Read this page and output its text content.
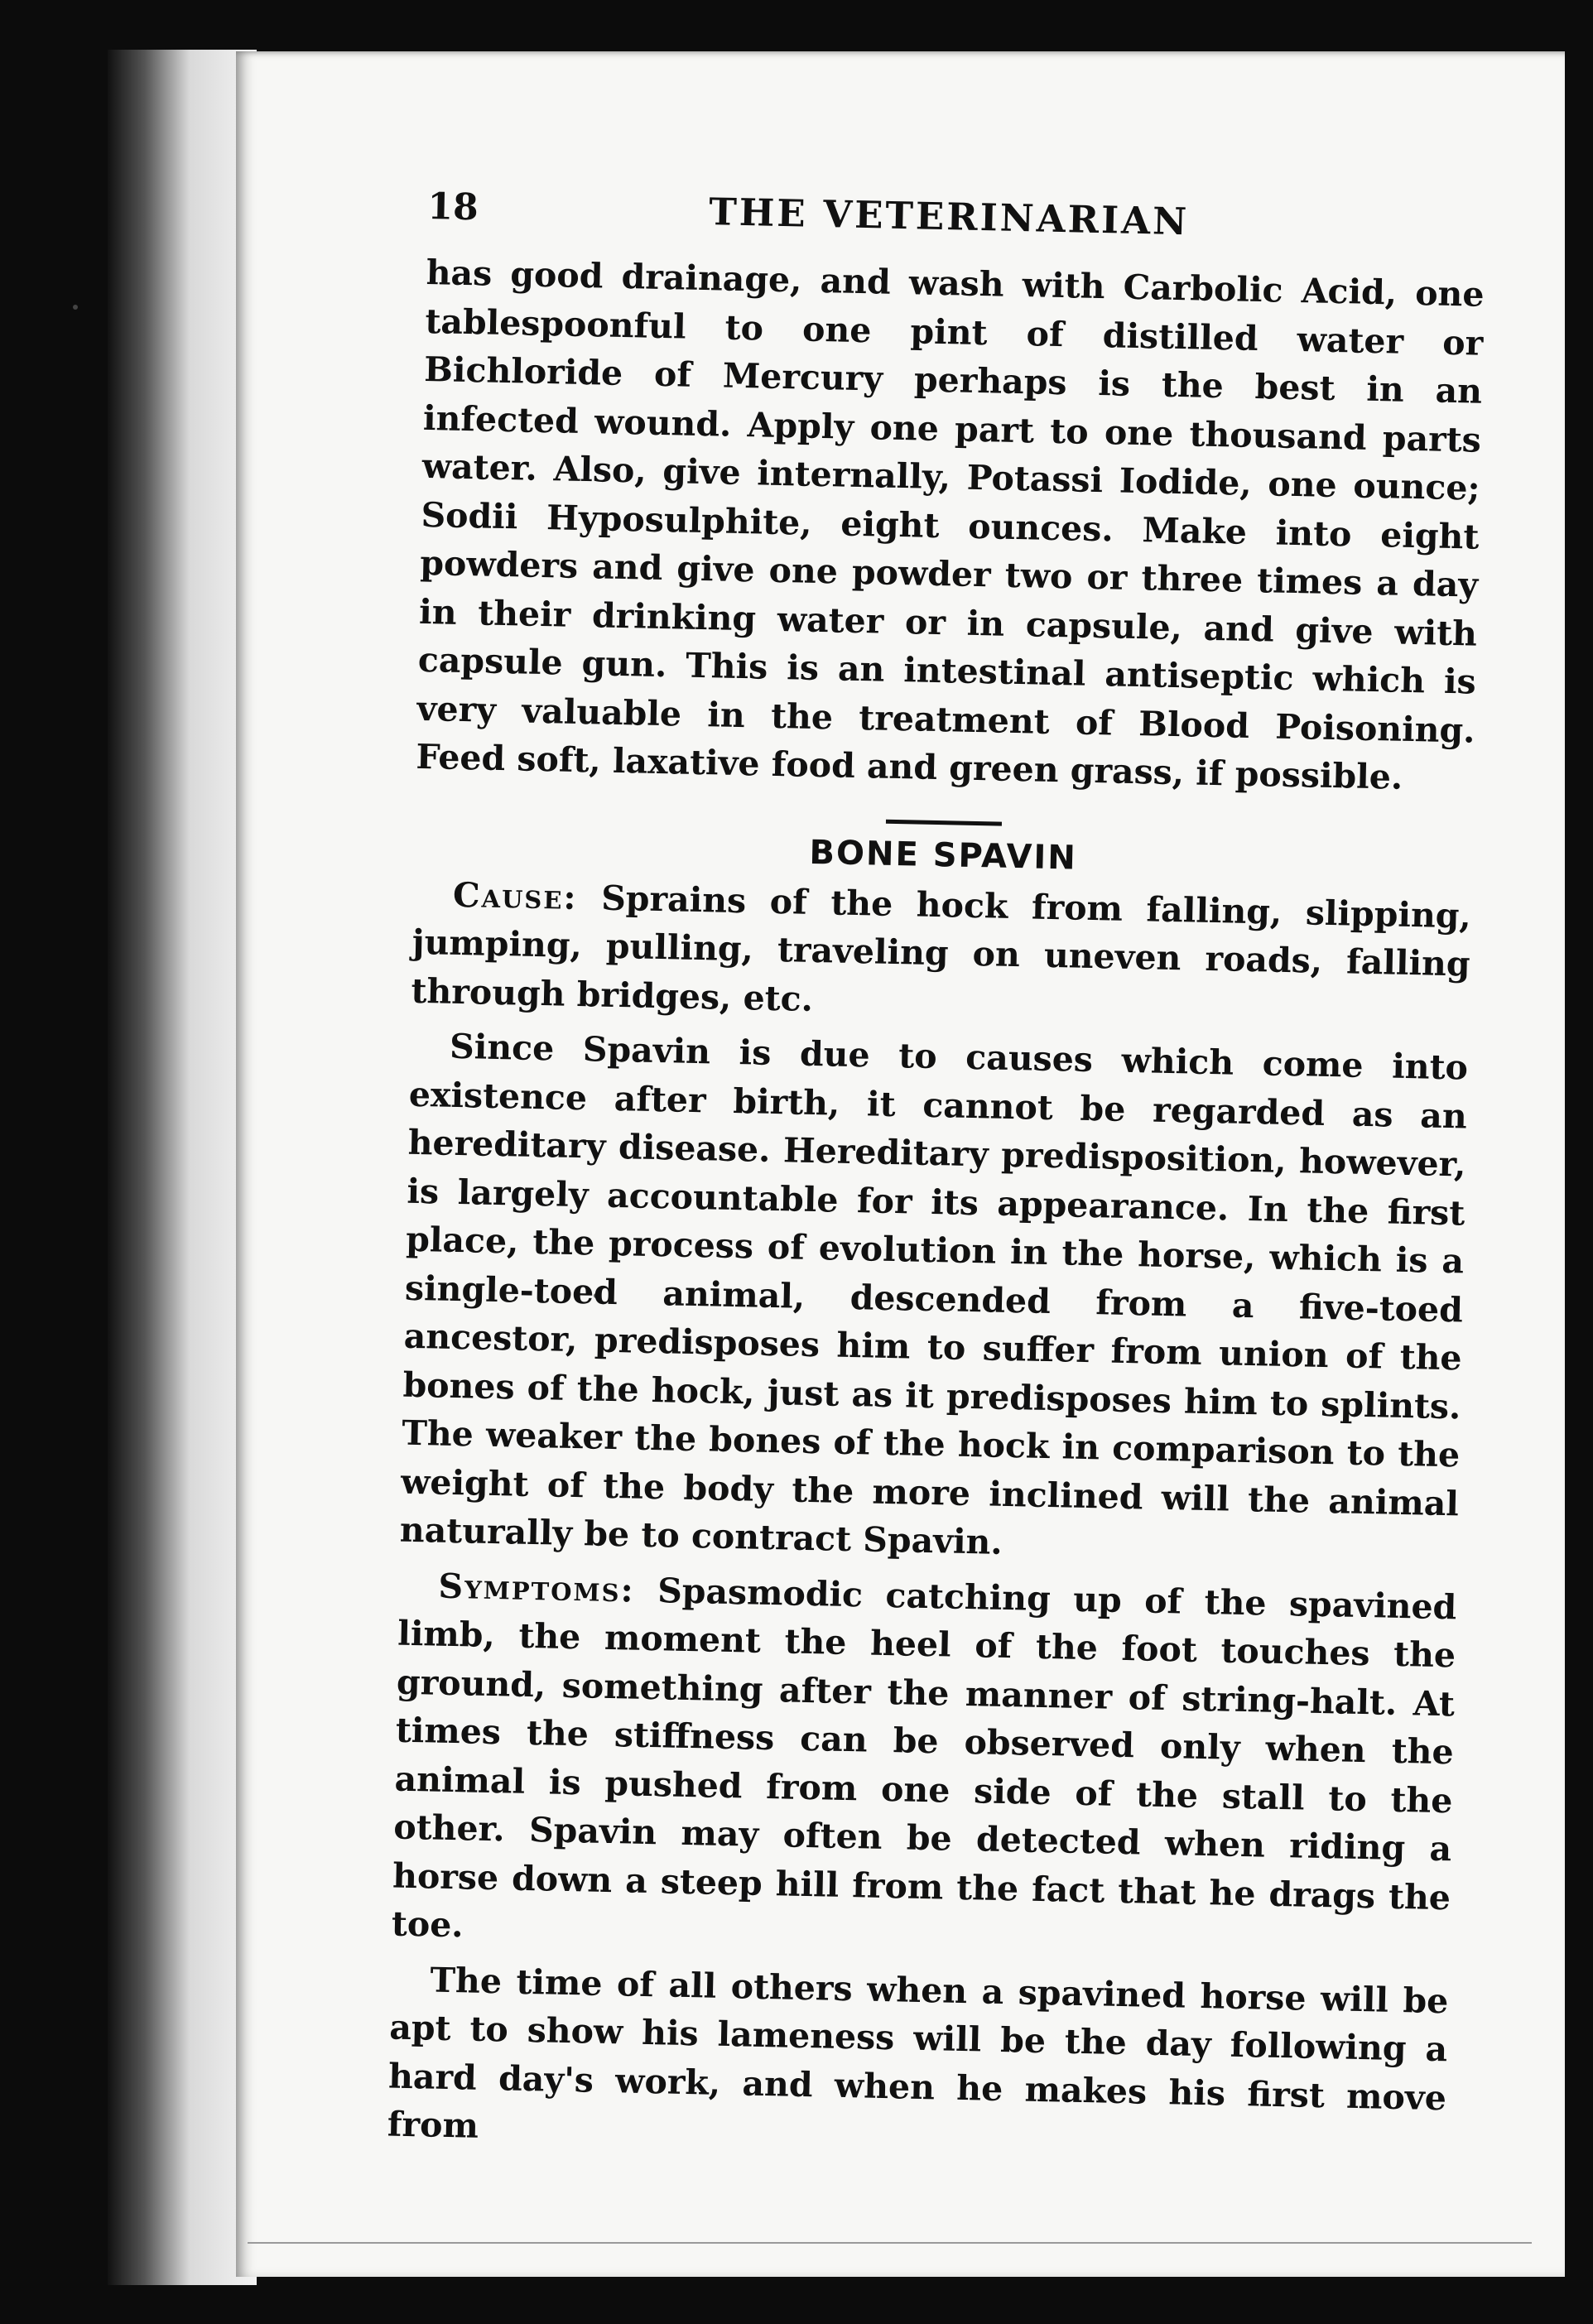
18	THE VETERINARIAN

has good drainage, and wash with Carbolic Acid, one tablespoonful to one pint of distilled water or Bichloride of Mercury perhaps is the best in an infected wound. Apply one part to one thousand parts water. Also, give internally, Potassi Iodide, one ounce; Sodii Hyposulphite, eight ounces. Make into eight powders and give one powder two or three times a day in their drinking water or in capsule, and give with capsule gun. This is an intestinal antiseptic which is very valuable in the treatment of Blood Poisoning. Feed soft, laxative food and green grass, if possible.

BONE SPAVIN

Cause: Sprains of the hock from falling, slipping, jumping, pulling, traveling on uneven roads, falling through bridges, etc.

Since Spavin is due to causes which come into existence after birth, it cannot be regarded as an hereditary disease. Hereditary predisposition, however, is largely accountable for its appearance. In the first place, the process of evolution in the horse, which is a single-toed animal, descended from a five-toed ancestor, predisposes him to suffer from union of the bones of the hock, just as it predisposes him to splints. The weaker the bones of the hock in comparison to the weight of the body the more inclined will the animal naturally be to contract Spavin.

Symptoms: Spasmodic catching up of the spavined limb, the moment the heel of the foot touches the ground, something after the manner of string-halt. At times the stiffness can be observed only when the animal is pushed from one side of the stall to the other. Spavin may often be detected when riding a horse down a steep hill from the fact that he drags the toe.

The time of all others when a spavined horse will be apt to show his lameness will be the day following a hard day's work, and when he makes his first move from
